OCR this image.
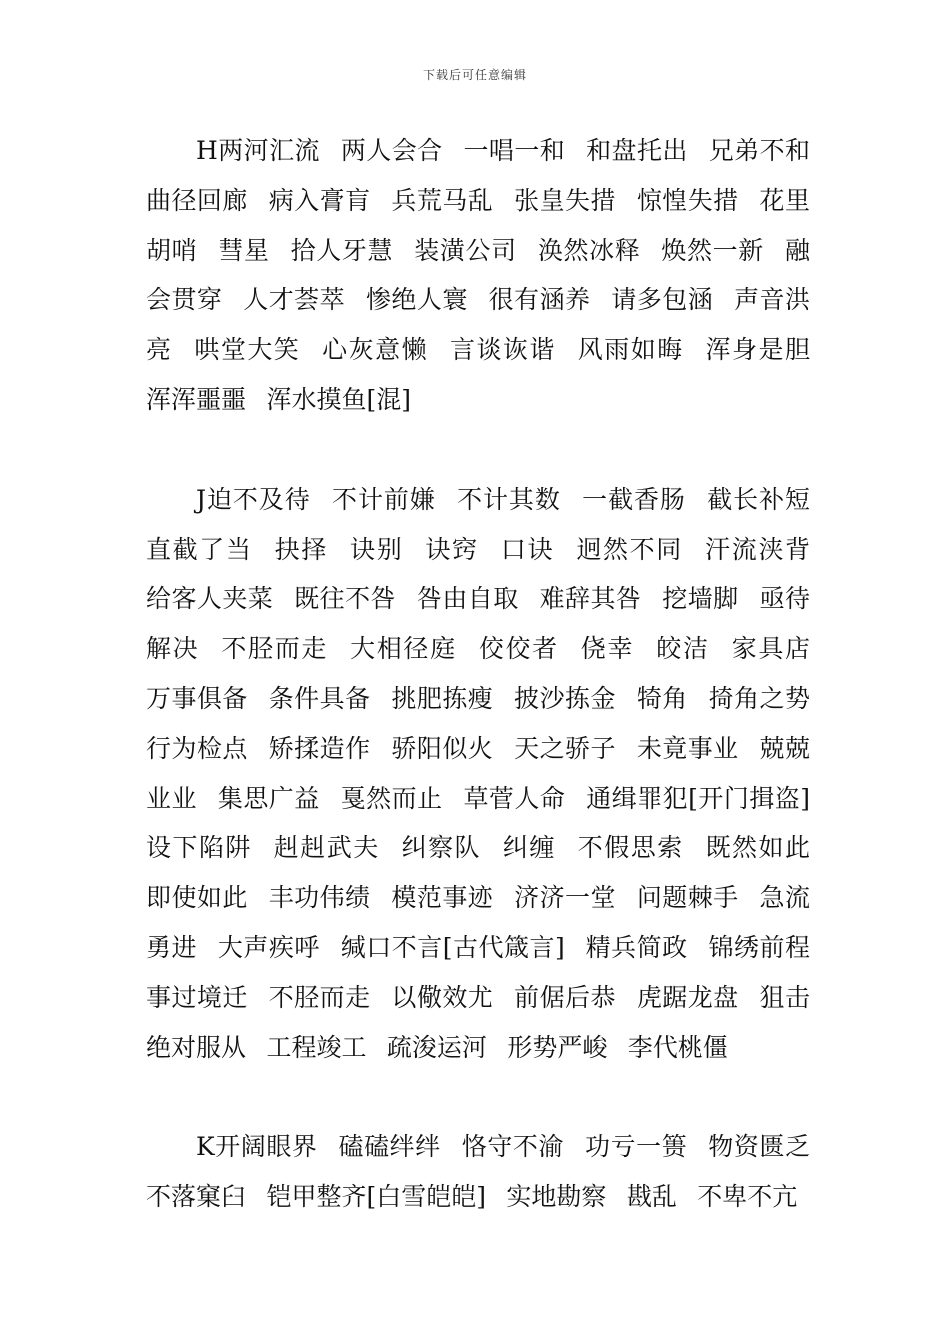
下载后可任意编辑

H两河汇流 两人会合 一唱一和 和盘托出 兄弟不和 曲径回廊 病入膏肓 兵荒马乱 张皇失措 惊惶失措 花里胡哨 彗星 拾人牙慧 装潢公司 涣然冰释 焕然一新 融会贯穿 人才荟萃 惨绝人寰 很有涵养 请多包涵 声音洪亮 哄堂大笑 心灰意懒 言谈诙谐 风雨如晦 浑身是胆 浑浑噩噩 浑水摸鱼[混]

J迫不及待 不计前嫌 不计其数 一截香肠 截长补短 直截了当 抉择 诀别 诀窍 口诀 迥然不同 汗流浃背 给客人夹菜 既往不咎 咎由自取 难辞其咎 挖墙脚 亟待解决 不胫而走 大相径庭 佼佼者 侥幸 皎洁 家具店 万事俱备 条件具备 挑肥拣瘦 披沙拣金 犄角 掎角之势 行为检点 矫揉造作 骄阳似火 天之骄子 未竟事业 兢兢业业 集思广益 戛然而止 草菅人命 通缉罪犯[开门揖盗] 设下陷阱 赳赳武夫 纠察队 纠缠 不假思索 既然如此 即使如此 丰功伟绩 模范事迹 济济一堂 问题棘手 急流勇进 大声疾呼 缄口不言[古代箴言] 精兵简政 锦绣前程 事过境迁 不胫而走 以儆效尤 前倨后恭 虎踞龙盘 狙击 绝对服从 工程竣工 疏浚运河 形势严峻 李代桃僵

K开阔眼界 磕磕绊绊 恪守不渝 功亏一篑 物资匮乏 不落窠臼 铠甲整齐[白雪皑皑] 实地勘察 戡乱 不卑不亢
